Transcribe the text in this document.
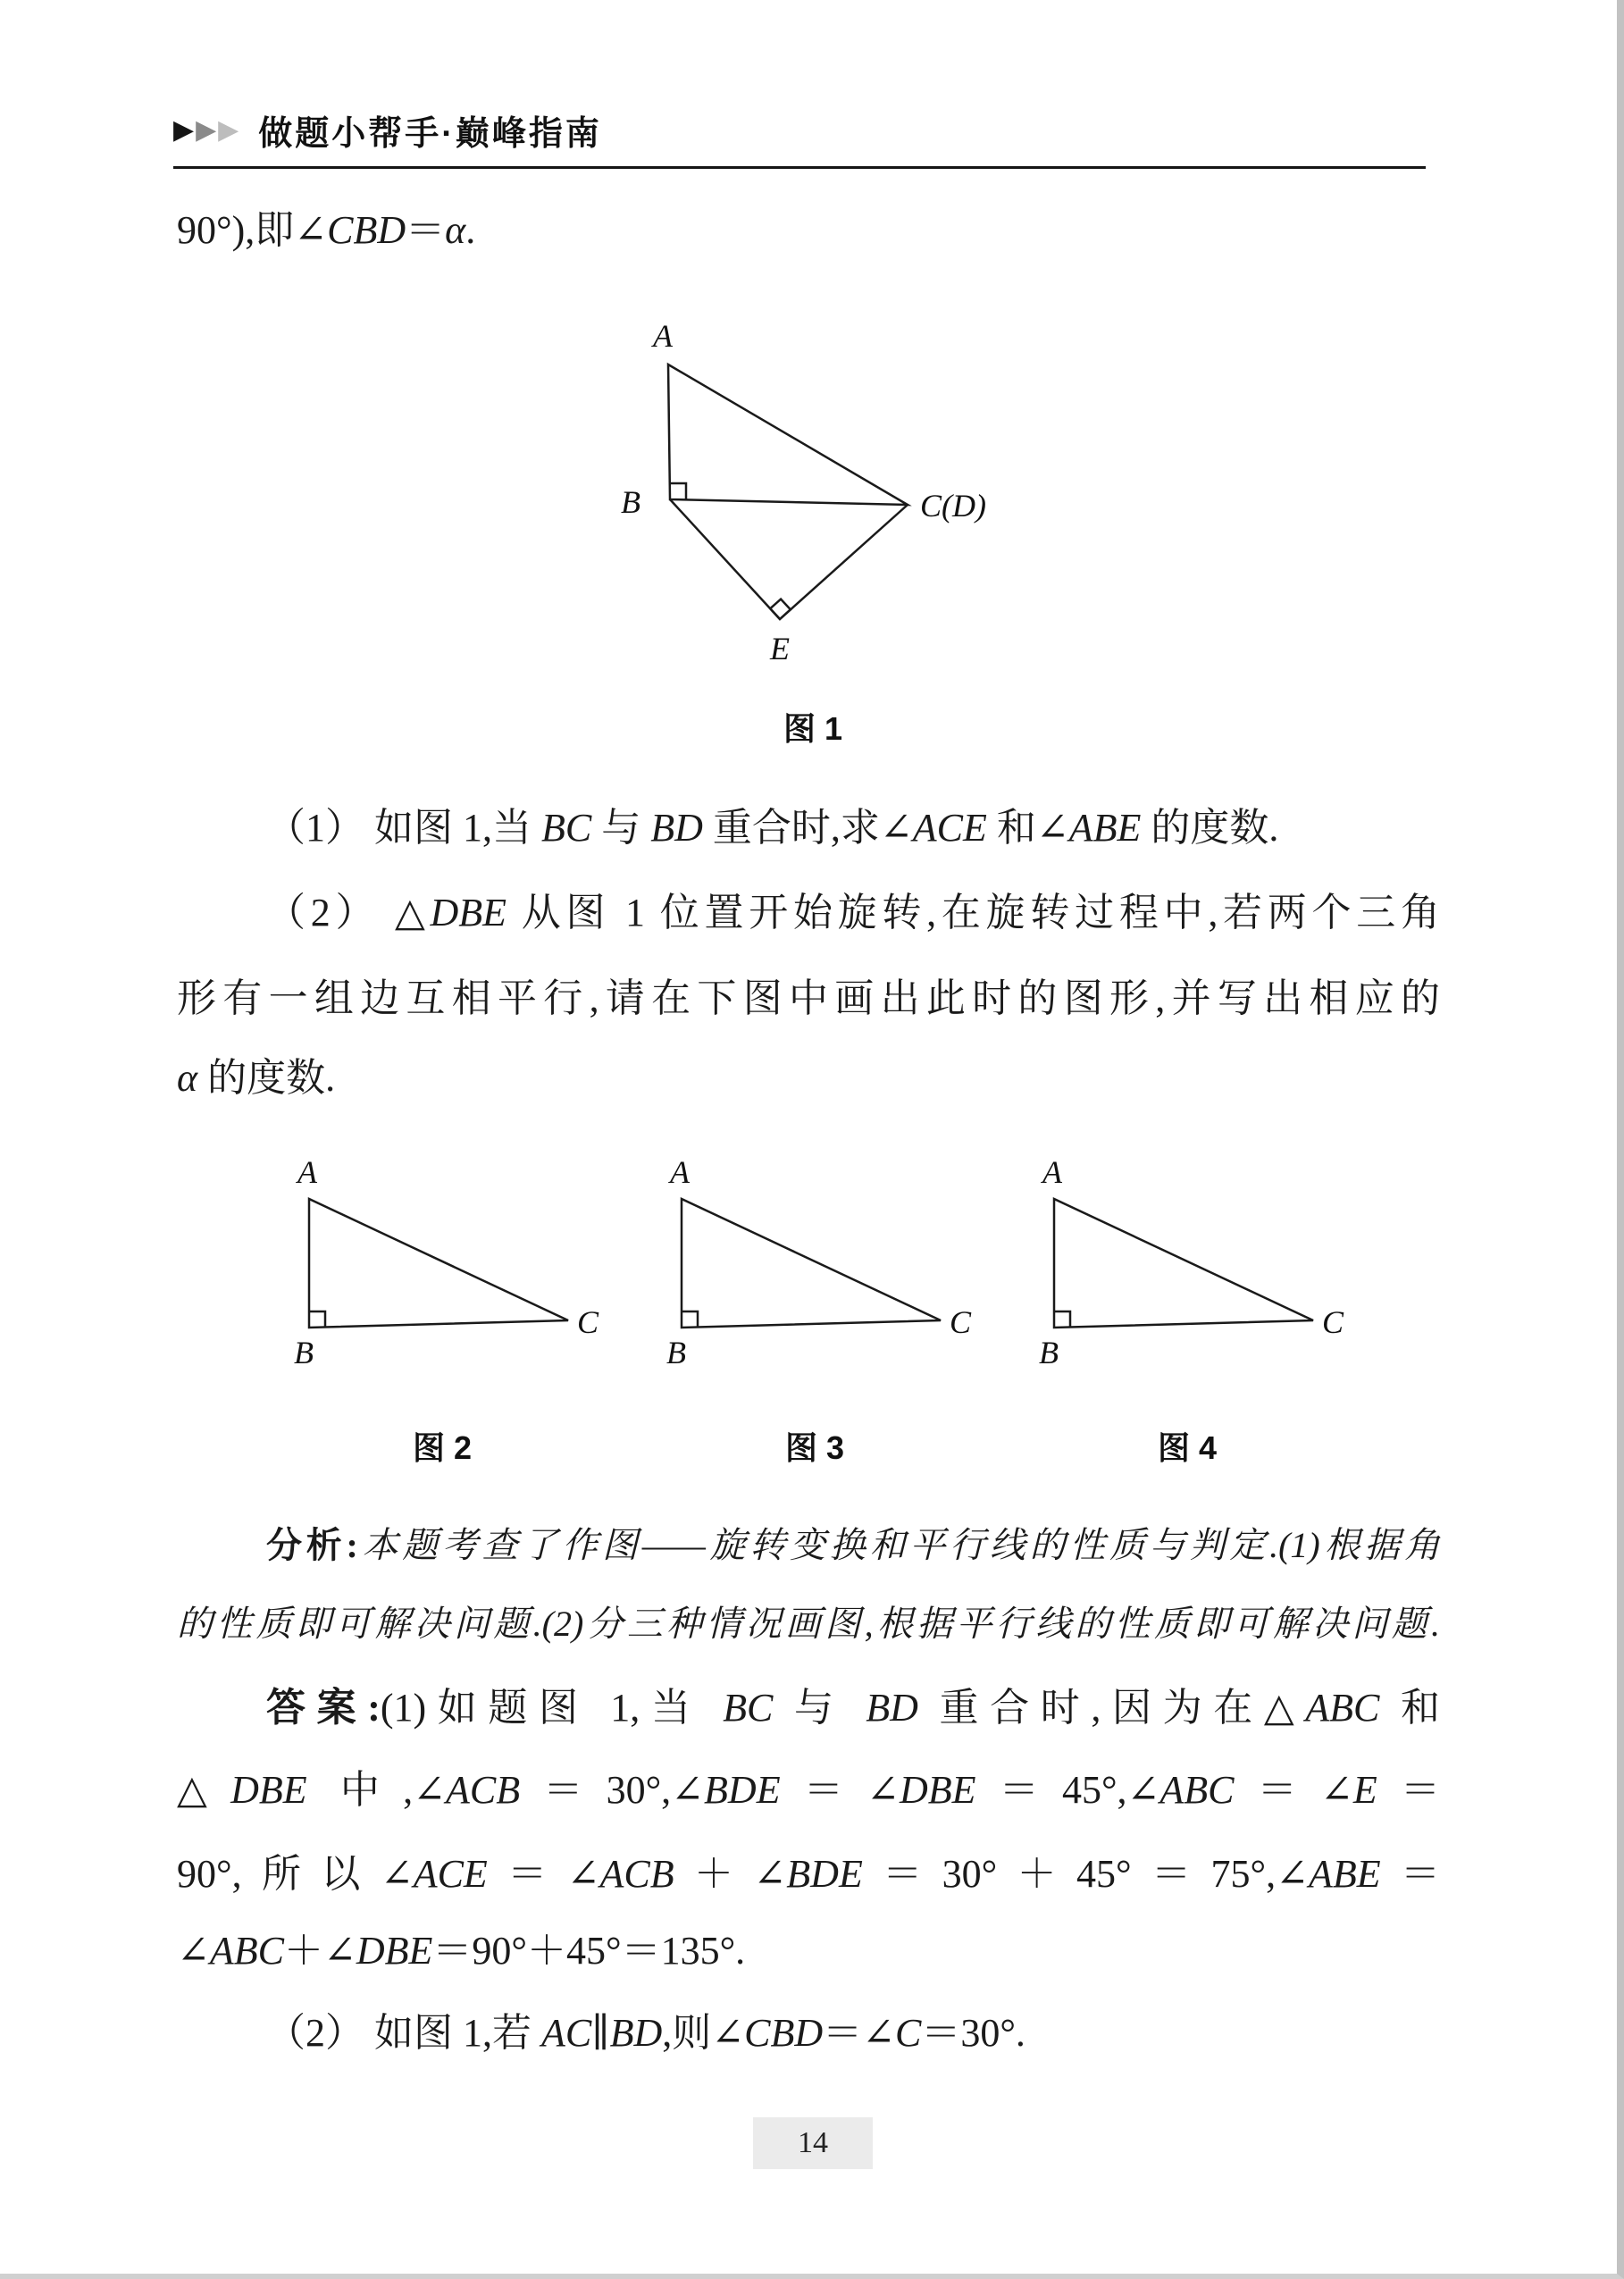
▶▶▶ 做题小帮手·巅峰指南
90°),即∠CBD＝α.
A
B	C(D)
E
图 1
（1） 如图 1,当 BC 与 BD 重合时,求∠ACE 和∠ABE 的度数.
（2） △DBE 从图 1 位置开始旋转,在旋转过程中,若两个三角
形有一组边互相平行,请在下图中画出此时的图形,并写出相应的
α 的度数.
A
B
C
图 2
A
B
C
图 3
A
B
C
图 4
分析:本题考查了作图——旋转变换和平行线的性质与判定.(1)根据角
的性质即可解决问题.(2)分三种情况画图,根据平行线的性质即可解决问题.
答案:(1)如题图 1,当 BC 与 BD 重合时,因为在△ABC 和
△DBE 中,∠ACB＝30°,∠BDE＝∠DBE＝45°,∠ABC＝∠E＝
90°,所以∠ACE＝∠ACB＋∠BDE＝30°＋45°＝75°,∠ABE＝
∠ABC＋∠DBE＝90°＋45°＝135°.
（2） 如图 1,若 AC∥BD,则∠CBD＝∠C＝30°.
14
